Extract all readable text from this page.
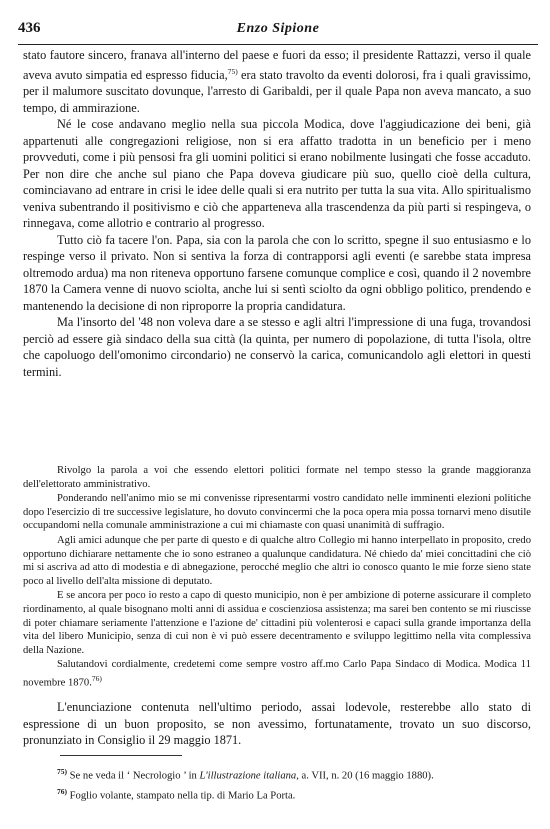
436	Enzo Sipione

stato fautore sincero, franava all'interno del paese e fuori da esso; il presidente Rattazzi, verso il quale aveva avuto simpatia ed espresso fiducia,$^{75)}$ era stato travolto da eventi dolorosi, fra i quali gravissimo, per il malumore suscitato dovunque, l'arresto di Garibaldi, per il quale Papa non aveva mancato, a suo tempo, di ammirazione.

Né le cose andavano meglio nella sua piccola Modica, dove l'aggiudicazione dei beni, già appartenuti alle congregazioni religiose, non si era affatto tradotta in un beneficio per i meno provveduti, come i più pensosi fra gli uomini politici si erano nobilmente lusingati che fosse accaduto. Per non dire che anche sul piano che Papa doveva giudicare più suo, quello cioè della cultura, cominciavano ad entrare in crisi le idee delle quali si era nutrito per tutta la sua vita. Allo spiritualismo veniva subentrando il positivismo e ciò che apparteneva alla trascendenza da più parti si respingeva, o rinnegava, come allotrio e contrario al progresso.

Tutto ciò fa tacere l'on. Papa, sia con la parola che con lo scritto, spegne il suo entusiasmo e lo respinge verso il privato. Non si sentiva la forza di contrapporsi agli eventi (e sarebbe stata impresa oltremodo ardua) ma non riteneva opportuno farsene comunque complice e così, quando il 2 novembre 1870 la Camera venne di nuovo sciolta, anche lui si sentì sciolto da ogni obbligo politico, prendendo e mantenendo la decisione di non riproporre la propria candidatura.

Ma l'insorto del '48 non voleva dare a se stesso e agli altri l'impressione di una fuga, trovandosi perciò ad essere già sindaco della sua città (la quinta, per numero di popolazione, di tutta l'isola, oltre che capoluogo dell'omonimo circondario) ne conservò la carica, comunicandolo agli elettori in questi termini.

Rivolgo la parola a voi che essendo elettori politici formate nel tempo stesso la grande maggioranza dell'elettorato amministrativo.

Ponderando nell'animo mio se mi convenisse ripresentarmi vostro candidato nelle imminenti elezioni politiche dopo l'esercizio di tre successive legislature, ho dovuto convincermi che la poca opera mia possa tornarvi meno disutile occupandomi nella comunale amministrazione a cui mi chiamaste con quasi unanimità di suffragio.

Agli amici adunque che per parte di questo e di qualche altro Collegio mi hanno interpellato in proposito, credo opportuno dichiarare nettamente che io sono estraneo a qualunque candidatura. Né chiedo da' miei concittadini che ciò mi si ascriva ad atto di modestia e di abnegazione, perocché meglio che altri io conosco quanto le mie forze sieno state poco al livello dell'alta missione di deputato.

E se ancora per poco io resto a capo di questo municipio, non è per ambizione di poterne assicurare il completo riordinamento, al quale bisognano molti anni di assidua e coscienziosa assistenza; ma sarei ben contento se mi riuscisse di poter chiamare seriamente l'attenzione e l'azione de' cittadini più volenterosi e capaci sulla grande importanza della vita del libero Municipio, senza di cui non è vi può essere decentramento e sviluppo legittimo nella vita complessiva della Nazione.

Salutandovi cordialmente, credetemi come sempre vostro aff.mo Carlo Papa Sindaco di Modica. Modica 11 novembre 1870.$^{76)}$

L'enunciazione contenuta nell'ultimo periodo, assai lodevole, resterebbe allo stato di espressione di un buon proposito, se non avessimo, fortunatamente, trovato un suo discorso, pronunziato in Consiglio il 29 maggio 1871.

$^{75)}$ Se ne veda il ‘ Necrologio ’ in L'illustrazione italiana, a. VII, n. 20 (16 maggio 1880).

$^{76)}$ Foglio volante, stampato nella tip. di Mario La Porta.
